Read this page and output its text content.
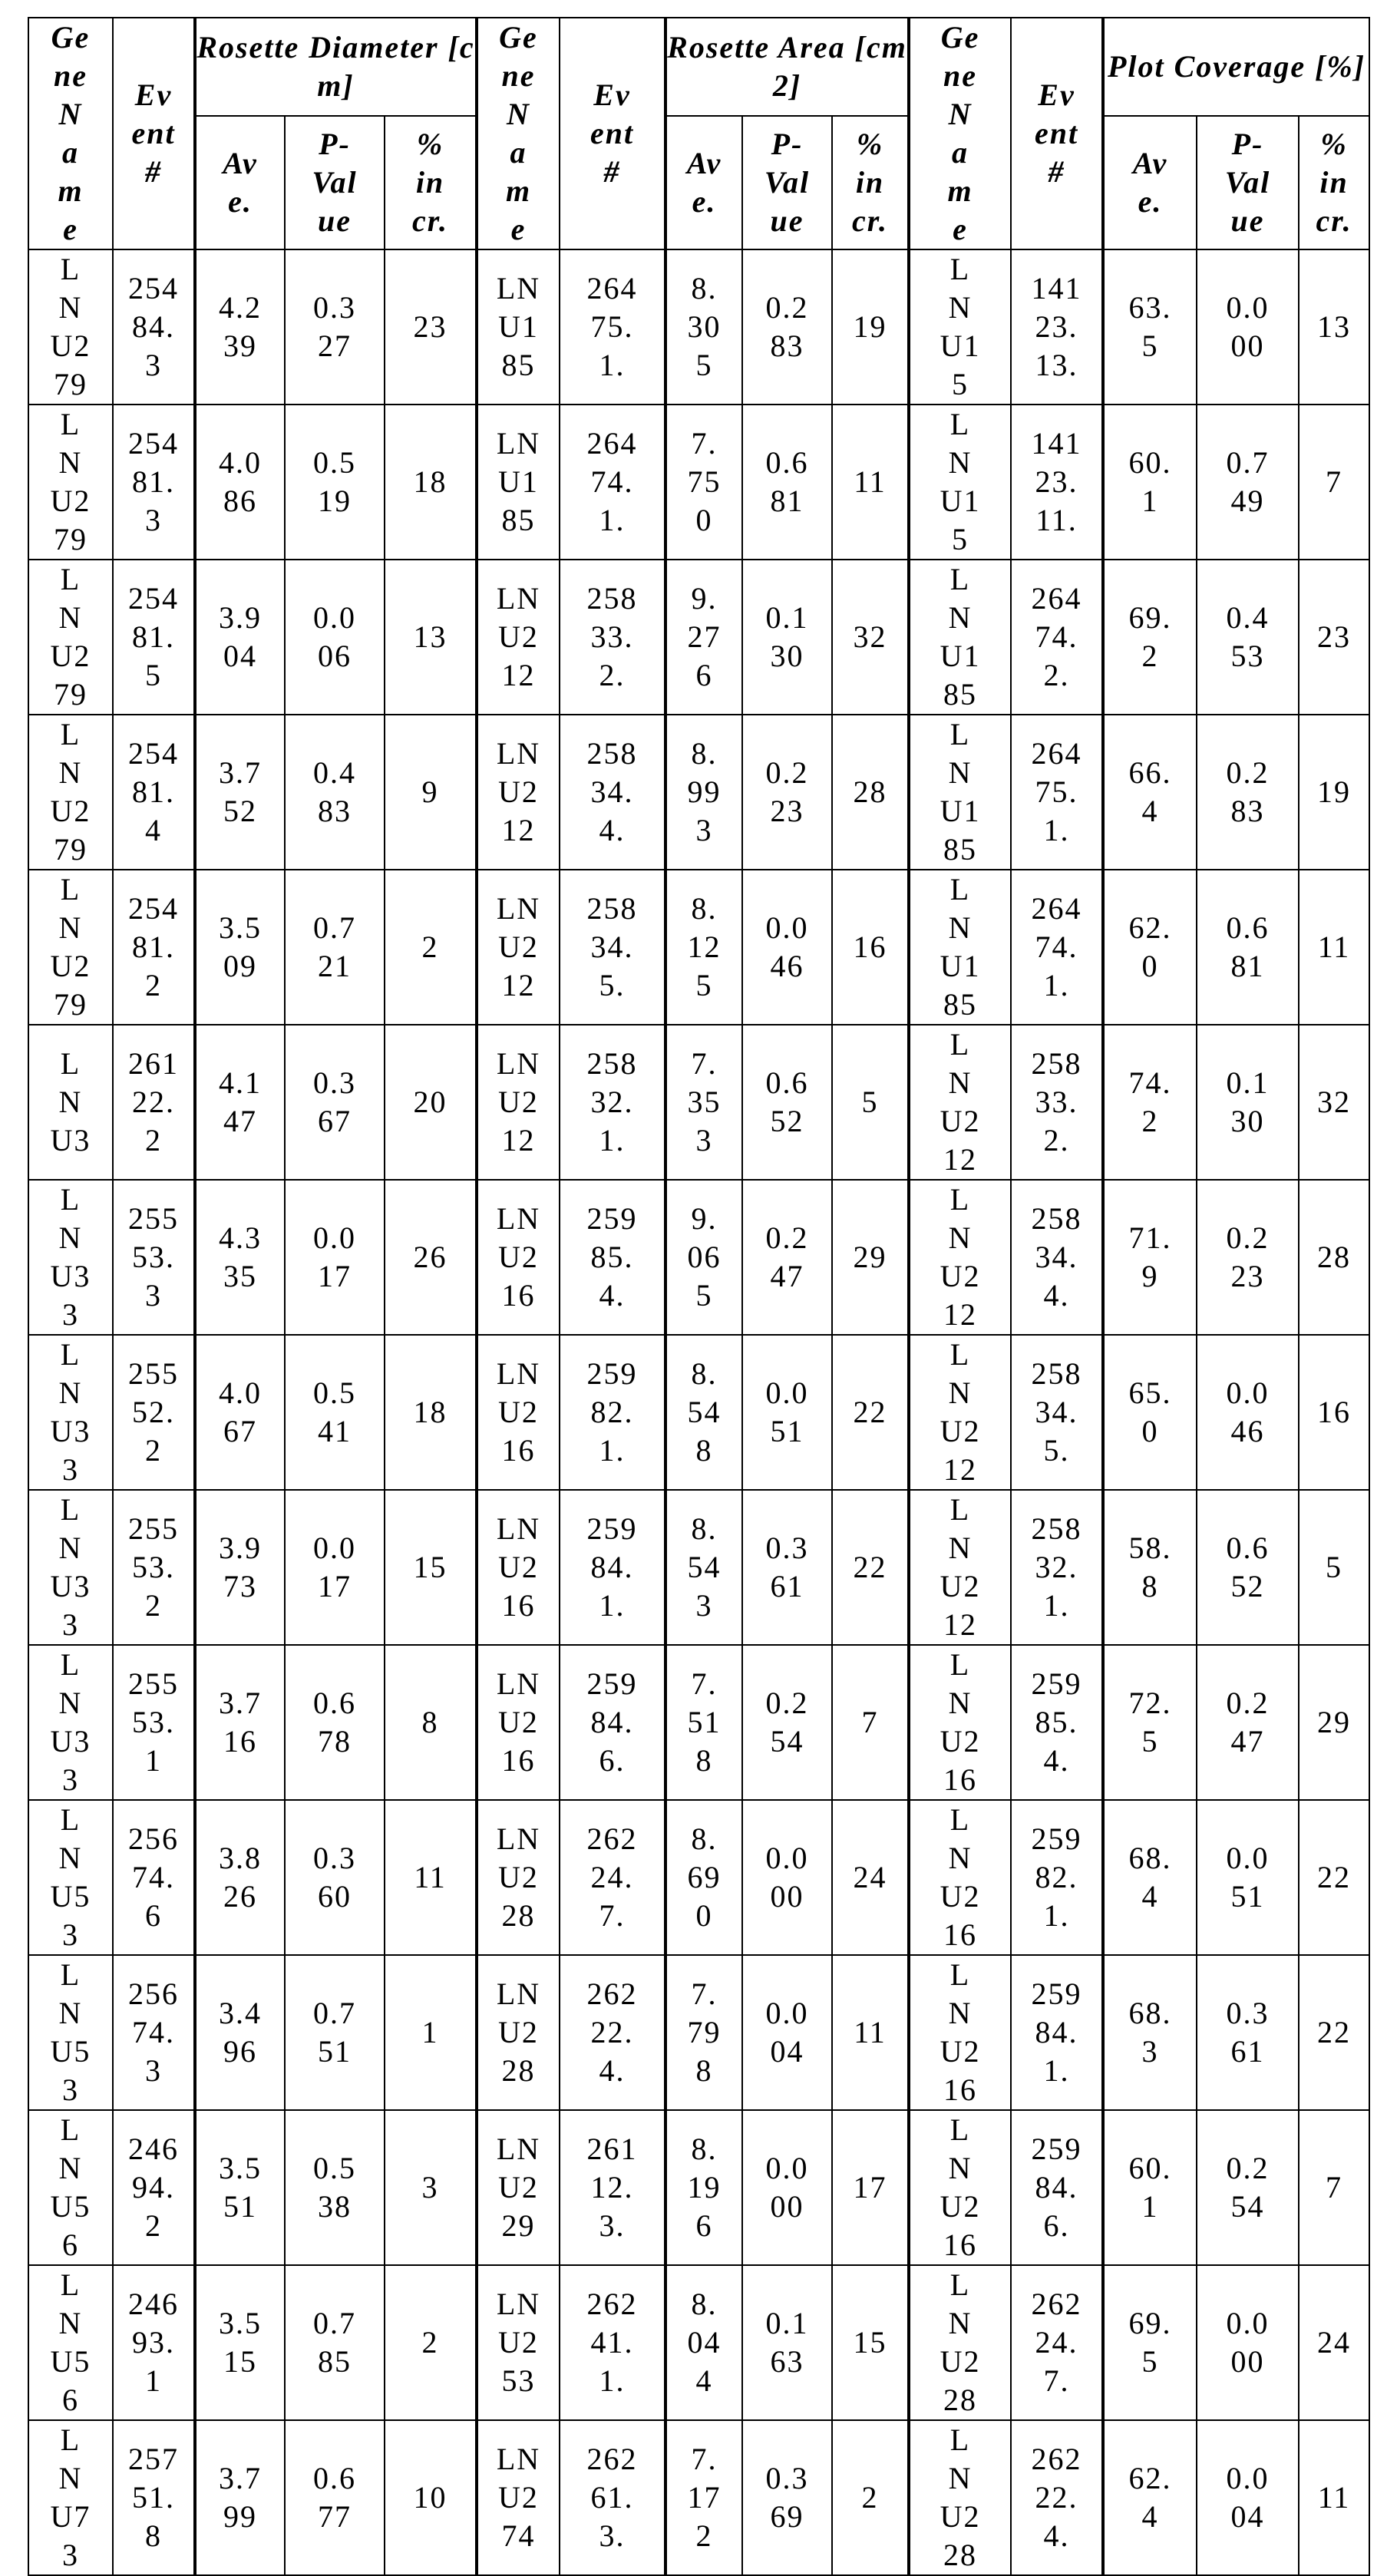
Gene Name	Event #	Rosette Diameter [cm]	Gene Name	Event #	Rosette Area [cm2]	Gene Name	Event #	Plot Coverage [%]
Ave.	P-Value	% incr.	Ave.	P-Value	% incr.	Ave.	P-Value	% incr.
LNU279	25484.3	4.239	0.327	23	LNU185	26475.1.	8.305	0.283	19	LNU15	14123.13.	63.5	0.000	13
LNU279	25481.3	4.086	0.519	18	LNU185	26474.1.	7.750	0.681	11	LNU15	14123.11.	60.1	0.749	7
LNU279	25481.5	3.904	0.006	13	LNU212	25833.2.	9.276	0.130	32	LNU185	26474.2.	69.2	0.453	23
LNU279	25481.4	3.752	0.483	9	LNU212	25834.4.	8.993	0.223	28	LNU185	26475.1.	66.4	0.283	19
LNU279	25481.2	3.509	0.721	2	LNU212	25834.5.	8.125	0.046	16	LNU185	26474.1.	62.0	0.681	11
LNU3	26122.2	4.147	0.367	20	LNU212	25832.1.	7.353	0.652	5	LNU212	25833.2.	74.2	0.130	32
LNU33	25553.3	4.335	0.017	26	LNU216	25985.4.	9.065	0.247	29	LNU212	25834.4.	71.9	0.223	28
LNU33	25552.2	4.067	0.541	18	LNU216	25982.1.	8.548	0.051	22	LNU212	25834.5.	65.0	0.046	16
LNU33	25553.2	3.973	0.017	15	LNU216	25984.1.	8.543	0.361	22	LNU212	25832.1.	58.8	0.652	5
LNU33	25553.1	3.716	0.678	8	LNU216	25984.6.	7.518	0.254	7	LNU216	25985.4.	72.5	0.247	29
LNU53	25674.6	3.826	0.360	11	LNU228	26224.7.	8.690	0.000	24	LNU216	25982.1.	68.4	0.051	22
LNU53	25674.3	3.496	0.751	1	LNU228	26222.4.	7.798	0.004	11	LNU216	25984.1.	68.3	0.361	22
LNU56	24694.2	3.551	0.538	3	LNU229	26112.3.	8.196	0.000	17	LNU216	25984.6.	60.1	0.254	7
LNU56	24693.1	3.515	0.785	2	LNU253	26241.1.	8.044	0.163	15	LNU228	26224.7.	69.5	0.000	24
LNU73	25751.8	3.799	0.677	10	LNU274	26261.3.	7.172	0.369	2	LNU228	26222.4.	62.4	0.004	11
